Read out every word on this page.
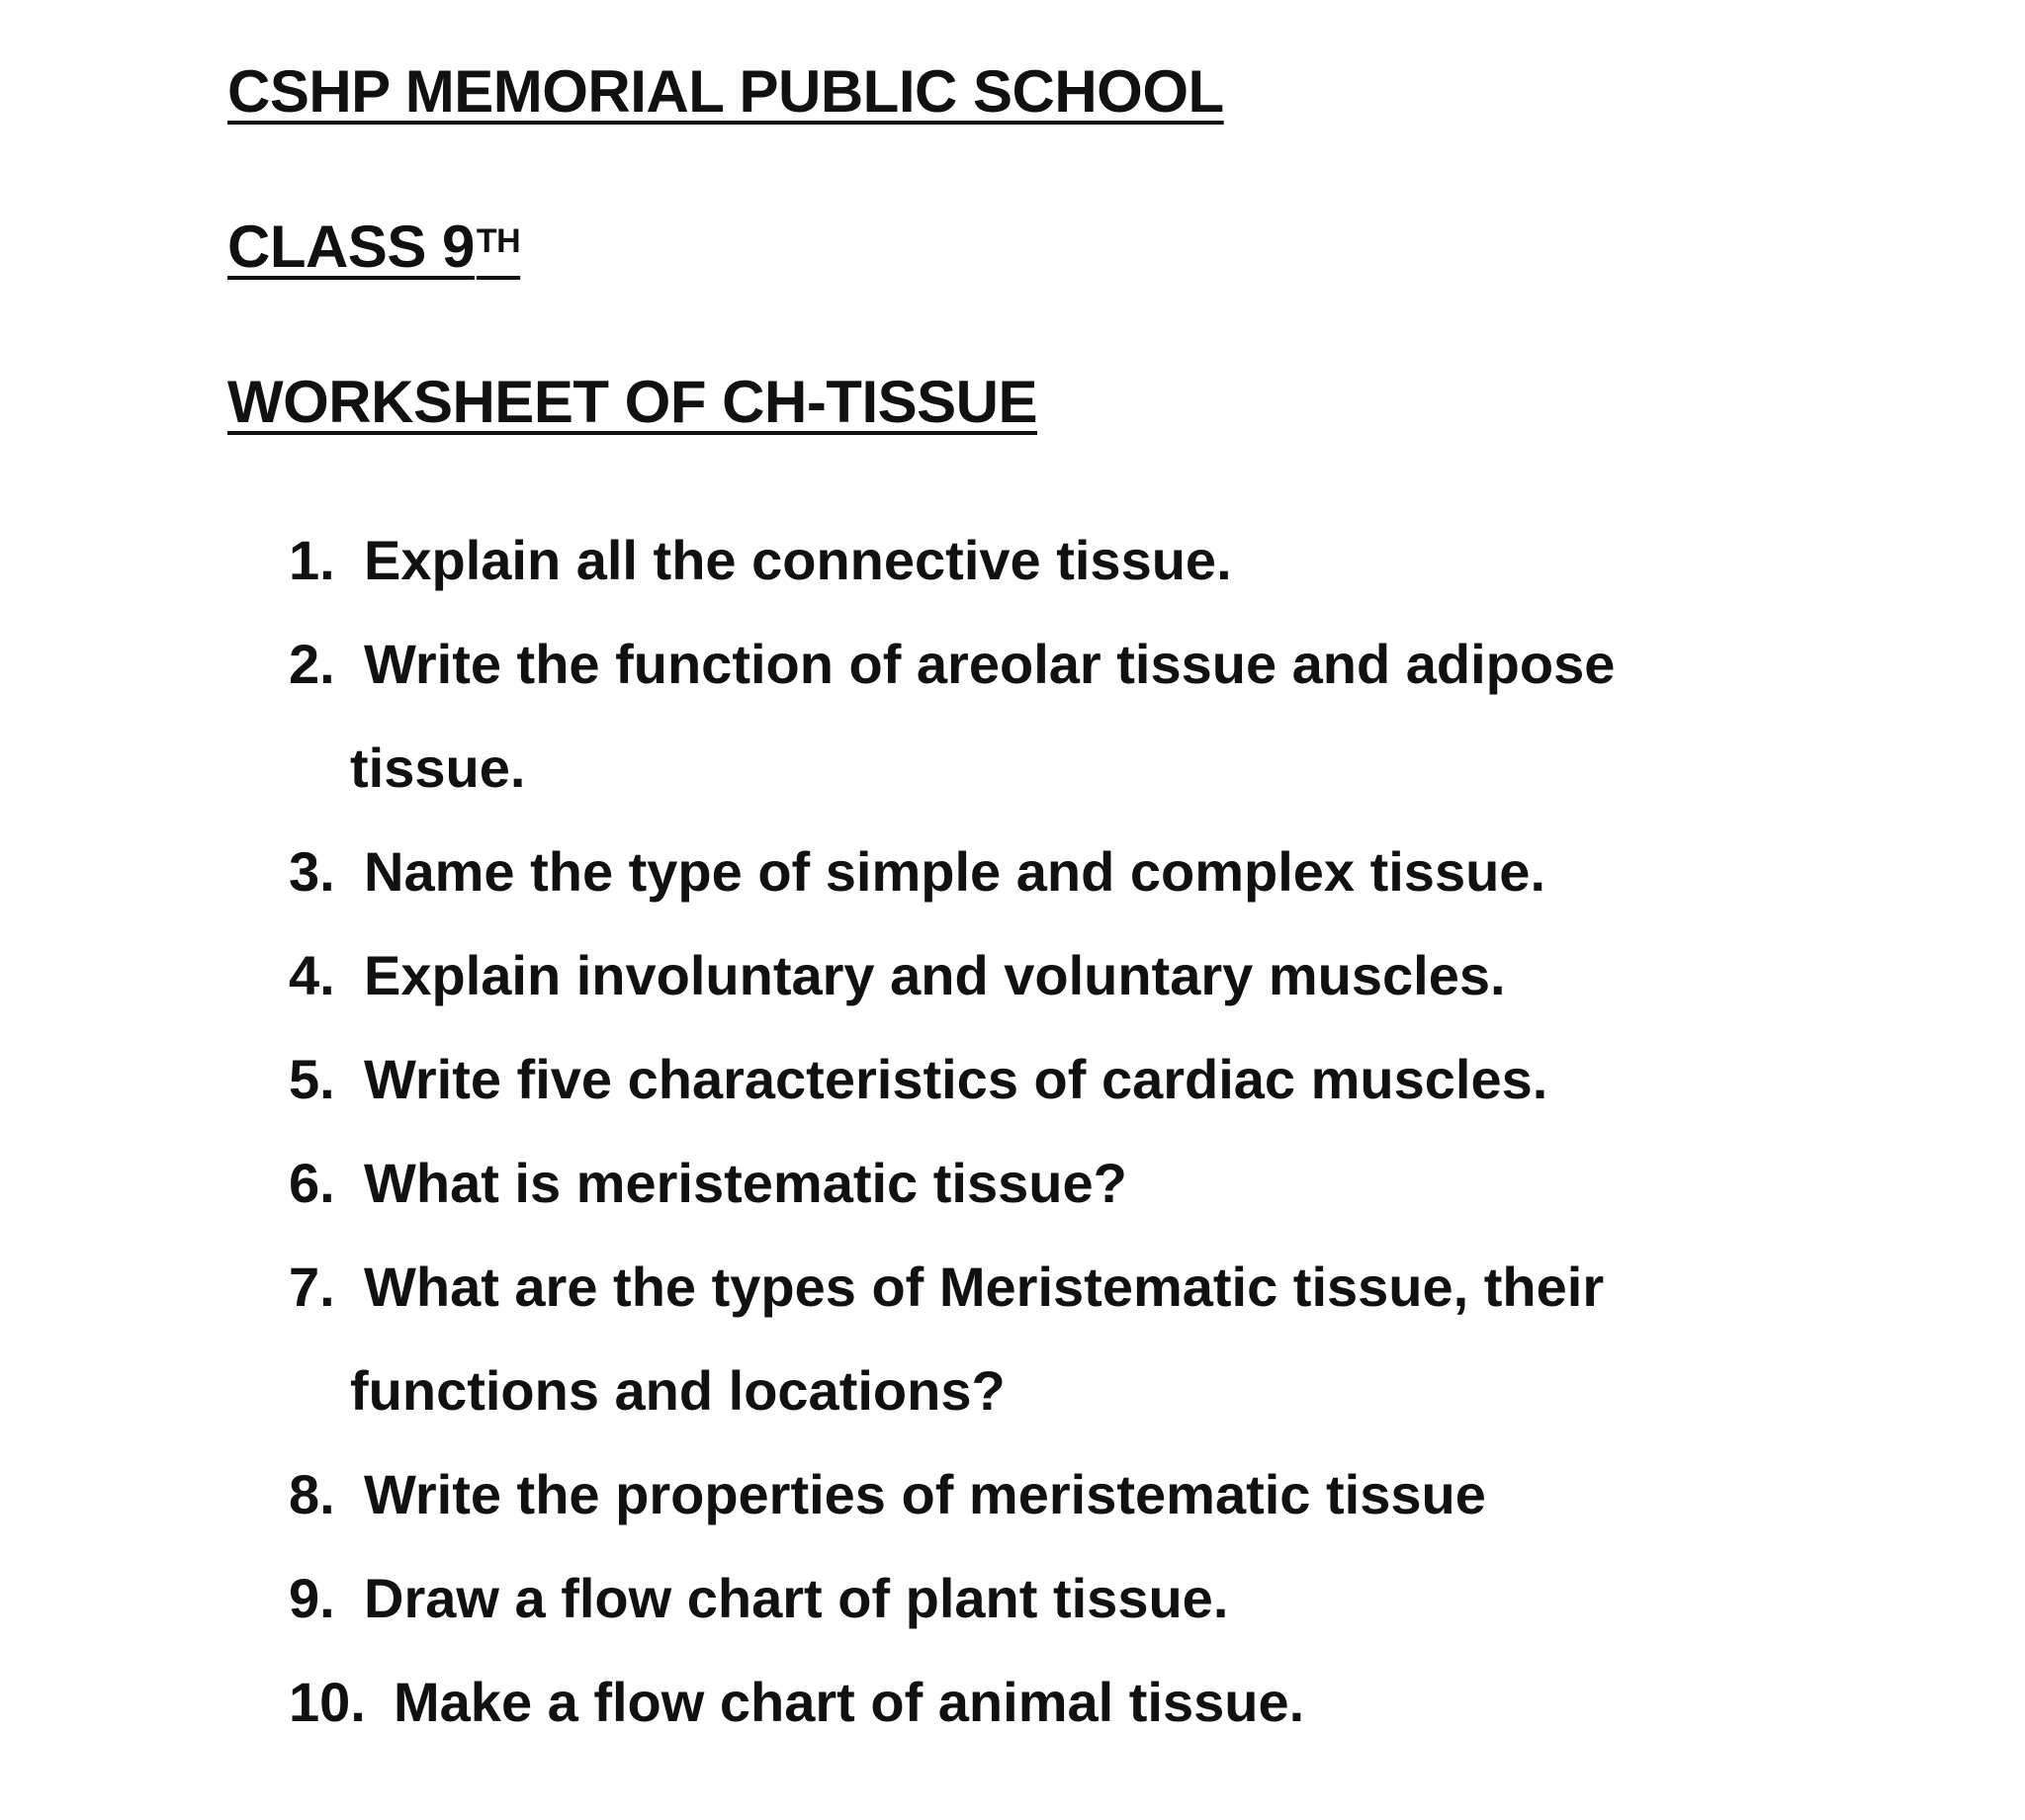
CSHP MEMORIAL PUBLIC SCHOOL
CLASS 9TH
WORKSHEET OF CH-TISSUE
1. Explain all the connective tissue.
2. Write the function of areolar tissue and adipose
tissue.
3. Name the type of simple and complex tissue.
4. Explain involuntary and voluntary muscles.
5. Write five characteristics of cardiac muscles.
6. What is meristematic tissue?
7. What are the types of Meristematic tissue, their
functions and locations?
8. Write the properties of meristematic tissue
9. Draw a flow chart of plant tissue.
10. Make a flow chart of animal tissue.
